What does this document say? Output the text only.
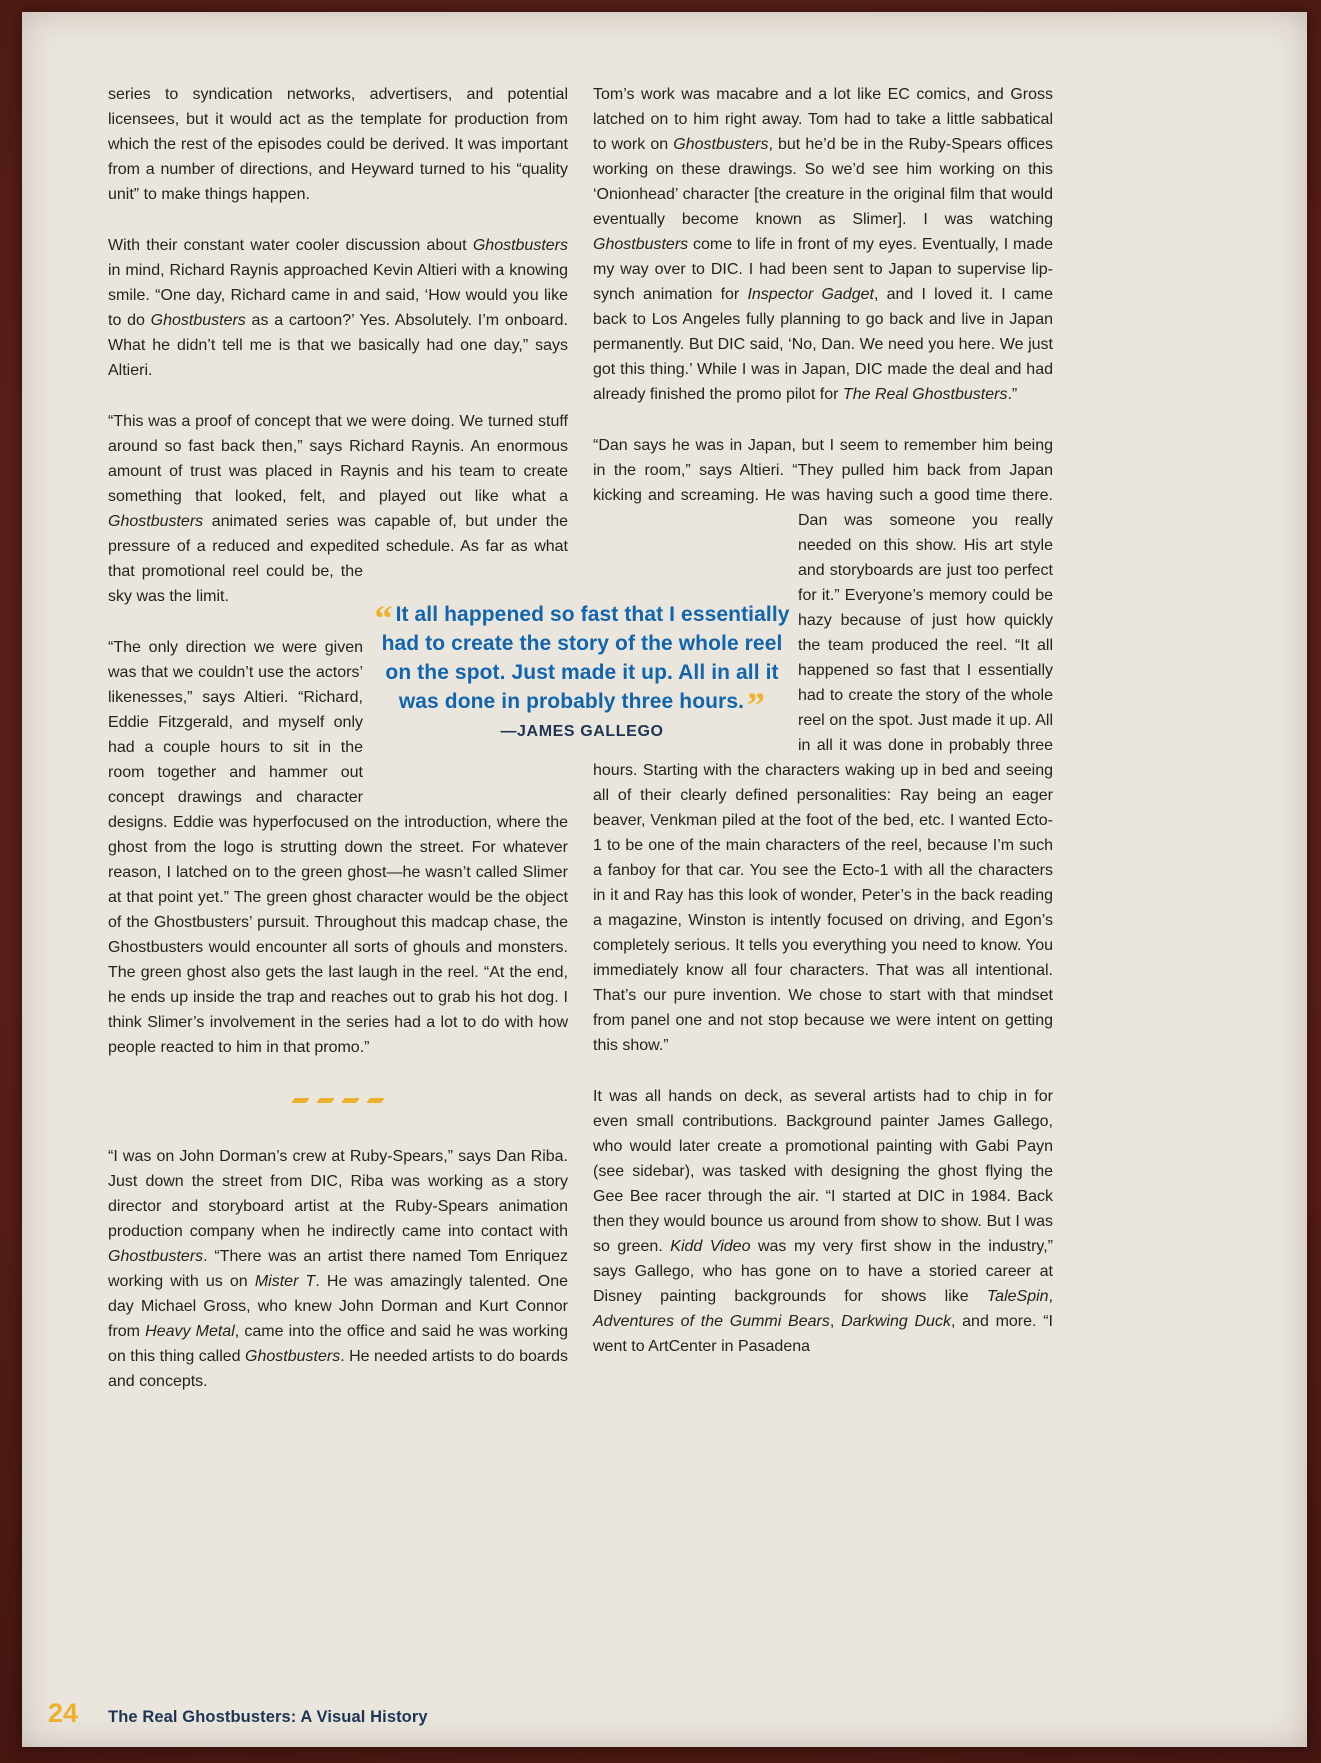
series to syndication networks, advertisers, and potential licensees, but it would act as the template for production from which the rest of the episodes could be derived. It was important from a number of directions, and Heyward turned to his “quality unit” to make things happen.

With their constant water cooler discussion about Ghostbusters in mind, Richard Raynis approached Kevin Altieri with a knowing smile. “One day, Richard came in and said, ‘How would you like to do Ghostbusters as a cartoon?’ Yes. Absolutely. I’m onboard. What he didn’t tell me is that we basically had one day,” says Altieri.

“This was a proof of concept that we were doing. We turned stuff around so fast back then,” says Richard Raynis. An enormous amount of trust was placed in Raynis and his team to create something that looked, felt, and played out like what a Ghostbusters animated series was capable of, but under the pressure of a reduced and expedited
schedule. As far as what that promotional reel could be, the sky was the limit.

“The only direction we were given was that we couldn’t use the actors’ likenesses,” says Altieri. “Richard, Eddie Fitzgerald, and myself only had a couple hours to sit in the room together and hammer out concept drawings and character designs. Eddie was hyperfocused on the introduction, where the ghost from the logo is strutting down the street. For whatever reason, I latched on to the green ghost—he wasn’t called Slimer at that point yet.” The green ghost character would be the object of the Ghostbusters’ pursuit. Throughout this madcap chase, the Ghostbusters would encounter all sorts of ghouls and monsters. The green ghost also gets the last laugh in the reel. “At the end, he ends up inside the trap and reaches out to grab his hot dog. I think Slimer’s involvement in the series had a lot to do with how people reacted to him in that promo.”

“I was on John Dorman’s crew at Ruby-Spears,” says Dan Riba. Just down the street from DIC, Riba was working as a story director and storyboard artist at the Ruby-Spears animation production company when he indirectly came into contact with Ghostbusters. “There was an artist there named Tom Enriquez working with us on Mister T. He was amazingly talented. One day Michael Gross, who knew John Dorman and Kurt Connor from Heavy Metal, came into the office and said he was working on this thing called Ghostbusters. He needed artists to do boards and concepts.

Tom’s work was macabre and a lot like EC comics, and Gross latched on to him right away. Tom had to take a little sabbatical to work on Ghostbusters, but he’d be in the Ruby-Spears offices working on these drawings. So we’d see him working on this ‘Onionhead’ character [the creature in the original film that would eventually become known as Slimer]. I was watching Ghostbusters come to life in front of my eyes. Eventually, I made my way over to DIC. I had been sent to Japan to supervise lip-synch animation for Inspector Gadget, and I loved it. I came back to Los Angeles fully planning to go back and live in Japan permanently. But DIC said, ‘No, Dan. We need you here. We just got this thing.’ While I was in Japan, DIC made the deal and had already finished the promo pilot for The Real Ghostbusters.”

“Dan says he was in Japan, but I seem to remember him being in the room,” says Altieri. “They pulled him back from Japan kicking and screaming. He was having such a good
time there. Dan was someone you really needed on this show. His art style and storyboards are just too perfect for it.” Everyone’s memory could be hazy because of just how quickly the team produced the reel. “It all happened so fast that I essentially had to create the story of the whole reel on the spot. Just made it up. All in all it was done in probably three hours. Starting with the characters waking up in bed and seeing all of their clearly defined personalities: Ray being an eager beaver, Venkman piled at the foot of the bed, etc. I wanted Ecto-1 to be one of the main characters of the reel, because I’m such a fanboy for that car. You see the Ecto-1 with all the characters in it and Ray has this look of wonder, Peter’s in the back reading a magazine, Winston is intently focused on driving, and Egon’s completely serious. It tells you everything you need to know. You immediately know all four characters. That was all intentional. That’s our pure invention. We chose to start with that mindset from panel one and not stop because we were intent on getting this show.”

It was all hands on deck, as several artists had to chip in for even small contributions. Background painter James Gallego, who would later create a promotional painting with Gabi Payn (see sidebar), was tasked with designing the ghost flying the Gee Bee racer through the air. “I started at DIC in 1984. Back then they would bounce us around from show to show. But I was so green. Kidd Video was my very first show in the industry,” says Gallego, who has gone on to have a storied career at Disney painting backgrounds for shows like TaleSpin, Adventures of the Gummi Bears, Darkwing Duck, and more. “I went to ArtCenter in Pasadena

“ It all happened so fast that I essentially had to create the story of the whole reel on the spot. Just made it up. All in all it was done in probably three hours.”
—JAMES GALLEGO
24 The Real Ghostbusters: A Visual History
